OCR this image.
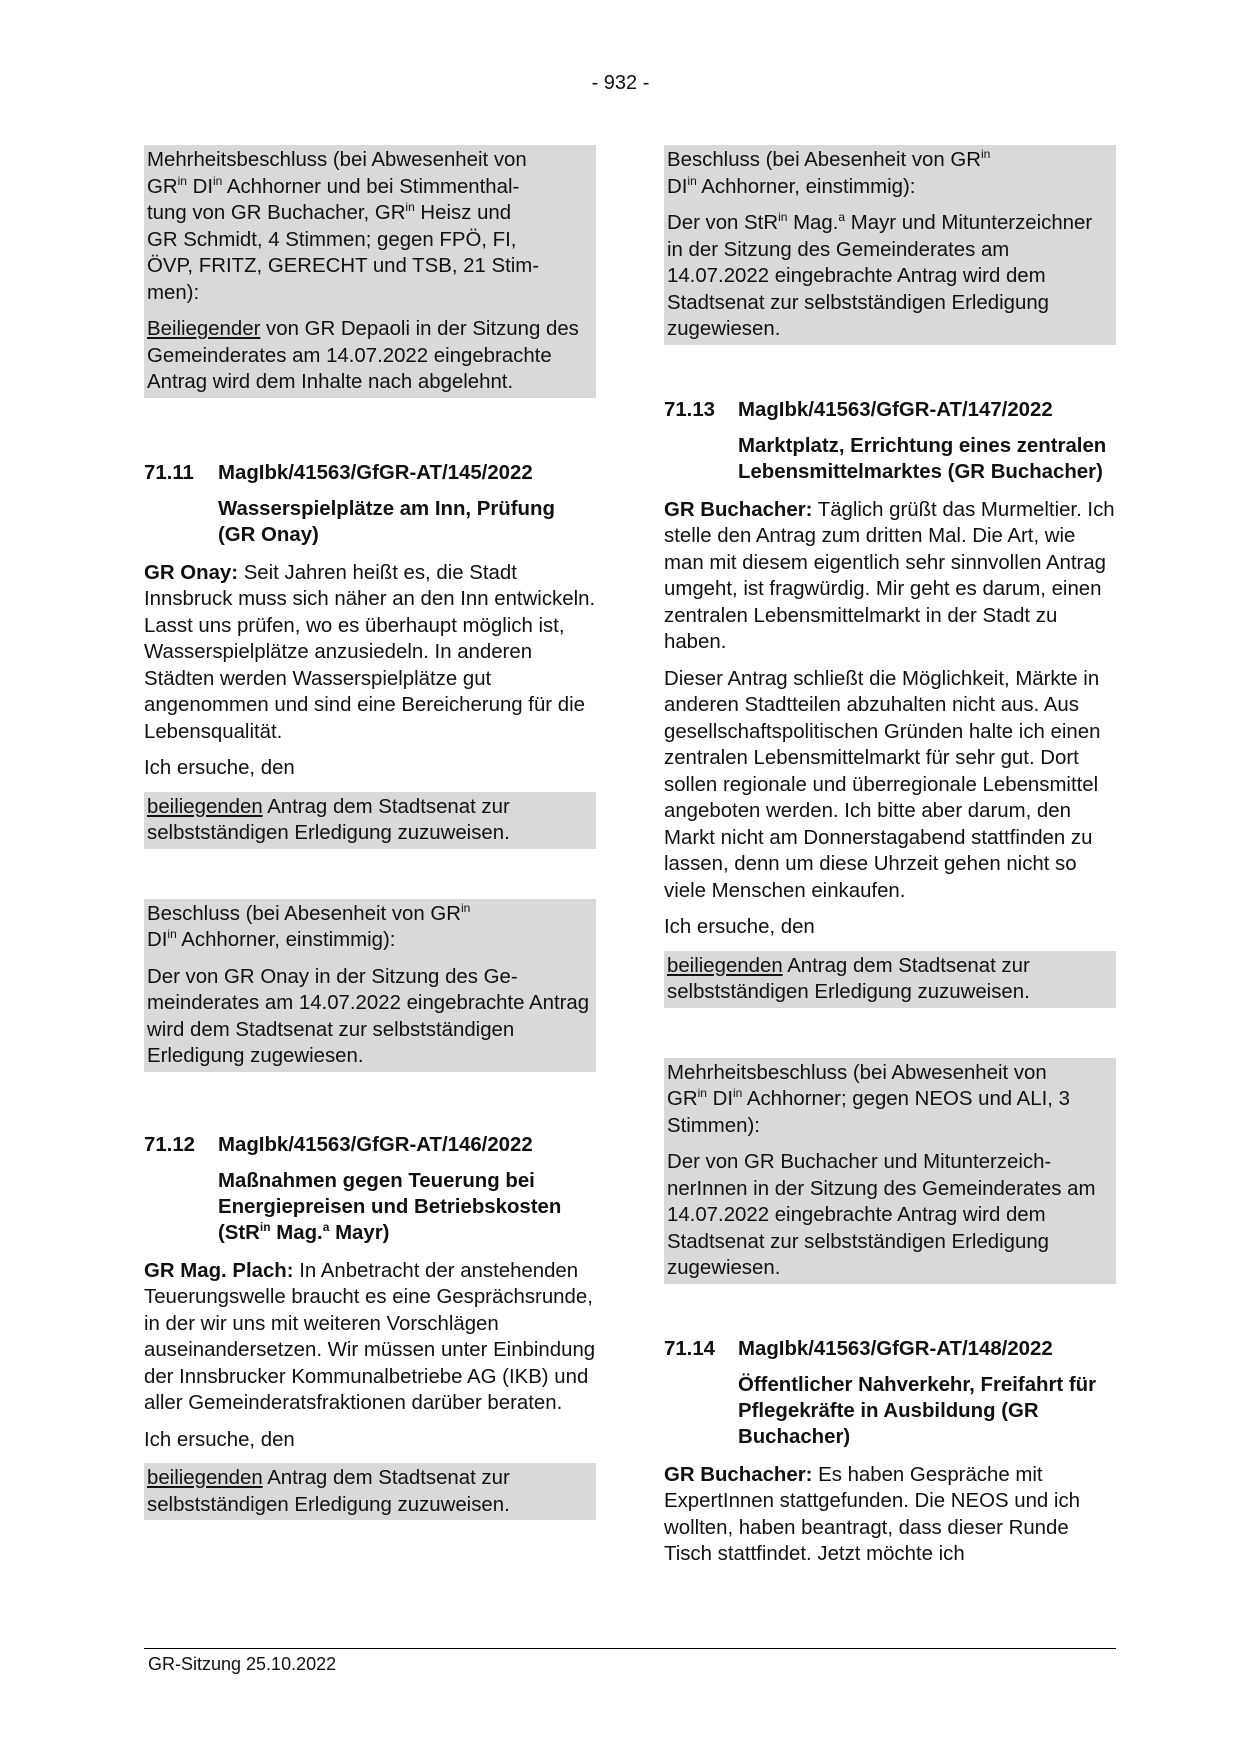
- 932 -

Mehrheitsbeschluss (bei Abwesenheit von
$GR^{in}$ $DI^{in}$ Achhorner und bei Stimmenthal-
tung von GR Buchacher, $GR^{in}$ Heisz und
GR Schmidt, 4 Stimmen; gegen FPÖ, FI,
ÖVP, FRITZ, GERECHT und TSB, 21 Stim-
men):

Beiliegender von GR Depaoli in der Sitzung des Gemeinderates am 14.07.2022 eingebrachte Antrag wird dem Inhalte nach abgelehnt.

71.11 MagIbk/41563/GfGR-AT/145/2022
Wasserspielplätze am Inn, Prüfung (GR Onay)

GR Onay: Seit Jahren heißt es, die Stadt Innsbruck muss sich näher an den Inn entwickeln. Lasst uns prüfen, wo es überhaupt möglich ist, Wasserspielplätze anzusiedeln. In anderen Städten werden Wasserspielplätze gut angenommen und sind eine Bereicherung für die Lebensqualität.

Ich ersuche, den

beiliegenden Antrag dem Stadtsenat zur selbstständigen Erledigung zuzuweisen.

Beschluss (bei Abesenheit von $GR^{in}$
$DI^{in}$ Achhorner, einstimmig):

Der von GR Onay in der Sitzung des Gemeinderates am 14.07.2022 eingebrachte Antrag wird dem Stadtsenat zur selbstständigen Erledigung zugewiesen.

71.12 MagIbk/41563/GfGR-AT/146/2022
Maßnahmen gegen Teuerung bei Energiepreisen und Betriebskosten (StR$^{in}$ Mag.$^a$ Mayr)

GR Mag. Plach: In Anbetracht der anstehenden Teuerungswelle braucht es eine Gesprächsrunde, in der wir uns mit weiteren Vorschlägen auseinandersetzen. Wir müssen unter Einbindung der Innsbrucker Kommunalbetriebe AG (IKB) und aller Gemeinderatsfraktionen darüber beraten.

Ich ersuche, den

beiliegenden Antrag dem Stadtsenat zur selbstständigen Erledigung zuzuweisen.

Beschluss (bei Abesenheit von $GR^{in}$
$DI^{in}$ Achhorner, einstimmig):

Der von StR$^{in}$ Mag.$^a$ Mayr und Mitunterzeichner in der Sitzung des Gemeinderates am 14.07.2022 eingebrachte Antrag wird dem Stadtsenat zur selbstständigen Erledigung zugewiesen.

71.13 MagIbk/41563/GfGR-AT/147/2022
Marktplatz, Errichtung eines zentralen Lebensmittelmarktes (GR Buchacher)

GR Buchacher: Täglich grüßt das Murmeltier. Ich stelle den Antrag zum dritten Mal. Die Art, wie man mit diesem eigentlich sehr sinnvollen Antrag umgeht, ist fragwürdig. Mir geht es darum, einen zentralen Lebensmittelmarkt in der Stadt zu haben.

Dieser Antrag schließt die Möglichkeit, Märkte in anderen Stadtteilen abzuhalten nicht aus. Aus gesellschaftspolitischen Gründen halte ich einen zentralen Lebensmittelmarkt für sehr gut. Dort sollen regionale und überregionale Lebensmittel angeboten werden. Ich bitte aber darum, den Markt nicht am Donnerstagabend stattfinden zu lassen, denn um diese Uhrzeit gehen nicht so viele Menschen einkaufen.

Ich ersuche, den

beiliegenden Antrag dem Stadtsenat zur selbstständigen Erledigung zuzuweisen.

Mehrheitsbeschluss (bei Abwesenheit von
$GR^{in}$ $DI^{in}$ Achhorner; gegen NEOS und ALI, 3 Stimmen):

Der von GR Buchacher und MitunterzeichnerInnen in der Sitzung des Gemeinderates am 14.07.2022 eingebrachte Antrag wird dem Stadtsenat zur selbstständigen Erledigung zugewiesen.

71.14 MagIbk/41563/GfGR-AT/148/2022
Öffentlicher Nahverkehr, Freifahrt für Pflegekräfte in Ausbildung (GR Buchacher)

GR Buchacher: Es haben Gespräche mit ExpertInnen stattgefunden. Die NEOS und ich wollten, haben beantragt, dass dieser Runde Tisch stattfindet. Jetzt möchte ich

GR-Sitzung 25.10.2022
